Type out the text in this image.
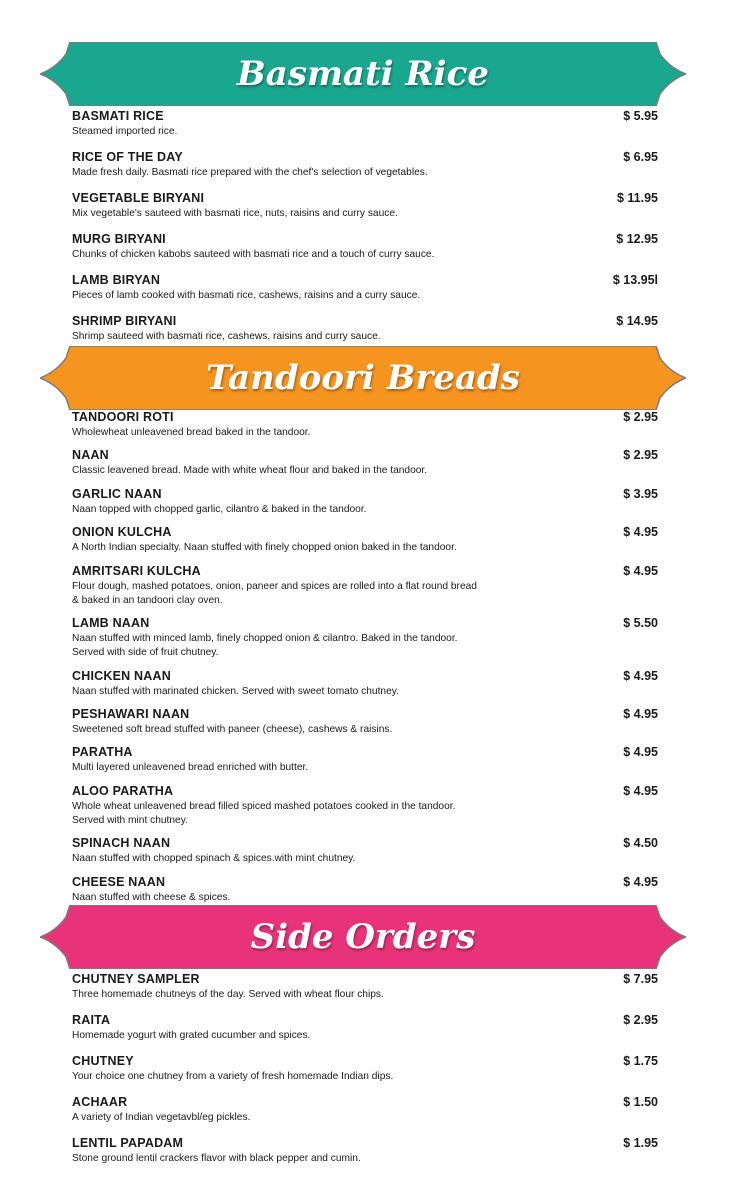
Basmati Rice
Tandoori Breads
Side Orders
BASMATI RICE	$ 5.95
Steamed imported rice.
RICE OF THE DAY	$ 6.95
Made fresh daily. Basmati rice prepared with the chef's selection of vegetables.
VEGETABLE BIRYANI	$ 11.95
Mix vegetable's sauteed with basmati rice, nuts, raisins and curry sauce.
MURG BIRYANI	$ 12.95
Chunks of chicken kabobs sauteed with basmati rice and a touch of curry sauce.
LAMB BIRYAN	$ 13.95l
Pieces of lamb cooked with basmati rice, cashews, raisins and a curry sauce.
SHRIMP BIRYANI	$ 14.95
Shrimp sauteed with basmati rice, cashews, raisins and curry sauce.
TANDOORI ROTI	$ 2.95
Wholewheat unleavened bread baked in the tandoor.
NAAN	$ 2.95
Classic leavened bread. Made with white wheat flour and baked in the tandoor.
GARLIC NAAN	$ 3.95
Naan topped with chopped garlic, cilantro & baked in the tandoor.
ONION KULCHA	$ 4.95
A North Indian specialty. Naan stuffed with finely chopped onion baked in the tandoor.
AMRITSARI KULCHA	$ 4.95
Flour dough, mashed potatoes, onion, paneer and spices are rolled into a flat round bread
& baked in an tandoori clay oven.
LAMB NAAN	$ 5.50
Naan stuffed with minced lamb, finely chopped onion & cilantro. Baked in the tandoor.
Served with side of fruit chutney.
CHICKEN NAAN	$ 4.95
Naan stuffed with marinated chicken. Served with sweet tomato chutney.
PESHAWARI NAAN	$ 4.95
Sweetened soft bread stuffed with paneer (cheese), cashews & raisins.
PARATHA	$ 4.95
Multi layered unleavened bread enriched with butter.
ALOO PARATHA	$ 4.95
Whole wheat unleavened bread filled spiced mashed potatoes cooked in the tandoor.
Served with mint chutney.
SPINACH NAAN	$ 4.50
Naan stuffed with chopped spinach & spices.with mint chutney.
CHEESE NAAN	$ 4.95
Naan stuffed with cheese & spices.
CHUTNEY SAMPLER	$ 7.95
Three homemade chutneys of the day. Served with wheat flour chips.
RAITA	$ 2.95
Homemade yogurt with grated cucumber and spices.
CHUTNEY	$ 1.75
Your choice one chutney from a variety of fresh homemade Indian dips.
ACHAAR	$ 1.50
A variety of Indian vegetavbl/eg pickles.
LENTIL PAPADAM	$ 1.95
Stone ground lentil crackers flavor with black pepper and cumin.
